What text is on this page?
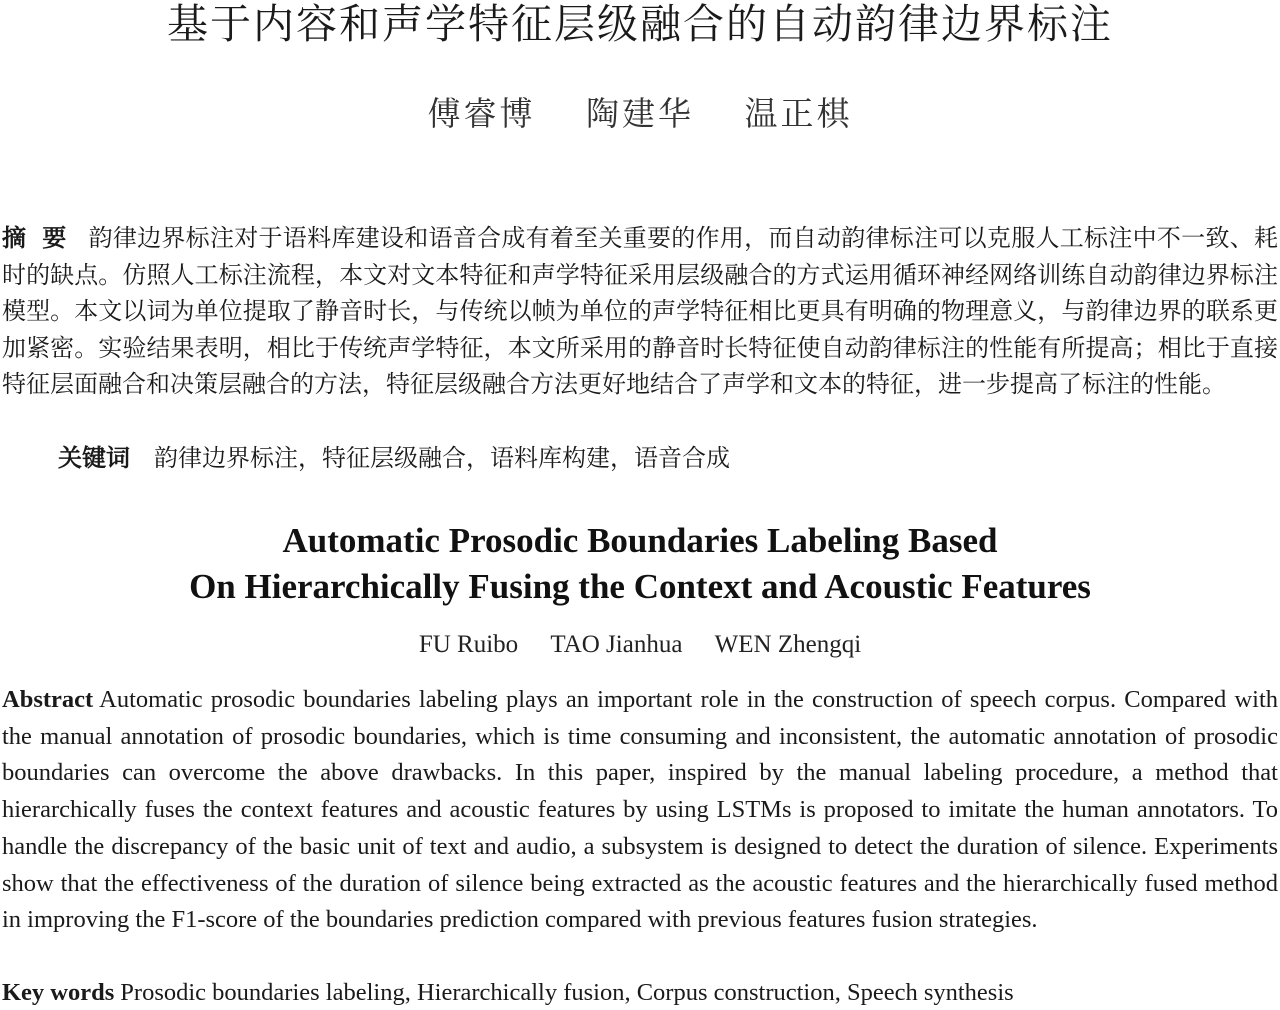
基于内容和声学特征层级融合的自动韵律边界标注
傅睿博 陶建华 温正棋

摘要 韵律边界标注对于语料库建设和语音合成有着至关重要的作用，而自动韵律标注可以克服人工标注中不一致、耗时的缺点。仿照人工标注流程，本文对文本特征和声学特征采用层级融合的方式运用循环神经网络训练自动韵律边界标注模型。本文以词为单位提取了静音时长，与传统以帧为单位的声学特征相比更具有明确的物理意义，与韵律边界的联系更加紧密。实验结果表明，相比于传统声学特征，本文所采用的静音时长特征使自动韵律标注的性能有所提高；相比于直接特征层面融合和决策层融合的方法，特征层级融合方法更好地结合了声学和文本的特征，进一步提高了标注的性能。

关键词 韵律边界标注，特征层级融合，语料库构建，语音合成
Automatic Prosodic Boundaries Labeling Based
On Hierarchically Fusing the Context and Acoustic Features
FU Ruibo TAO Jianhua WEN Zhengqi

Abstract Automatic prosodic boundaries labeling plays an important role in the construction of speech corpus. Compared with the manual annotation of prosodic boundaries, which is time consuming and inconsistent, the automatic annotation of prosodic boundaries can overcome the above drawbacks. In this paper, inspired by the manual labeling procedure, a method that hierarchically fuses the context features and acoustic features by using LSTMs is proposed to imitate the human annotators. To handle the discrepancy of the basic unit of text and audio, a subsystem is designed to detect the duration of silence. Experiments show that the effectiveness of the duration of silence being extracted as the acoustic features and the hierarchically fused method in improving the F1-score of the boundaries prediction compared with previous features fusion strategies.

Key words Prosodic boundaries labeling, Hierarchically fusion, Corpus construction, Speech synthesis
